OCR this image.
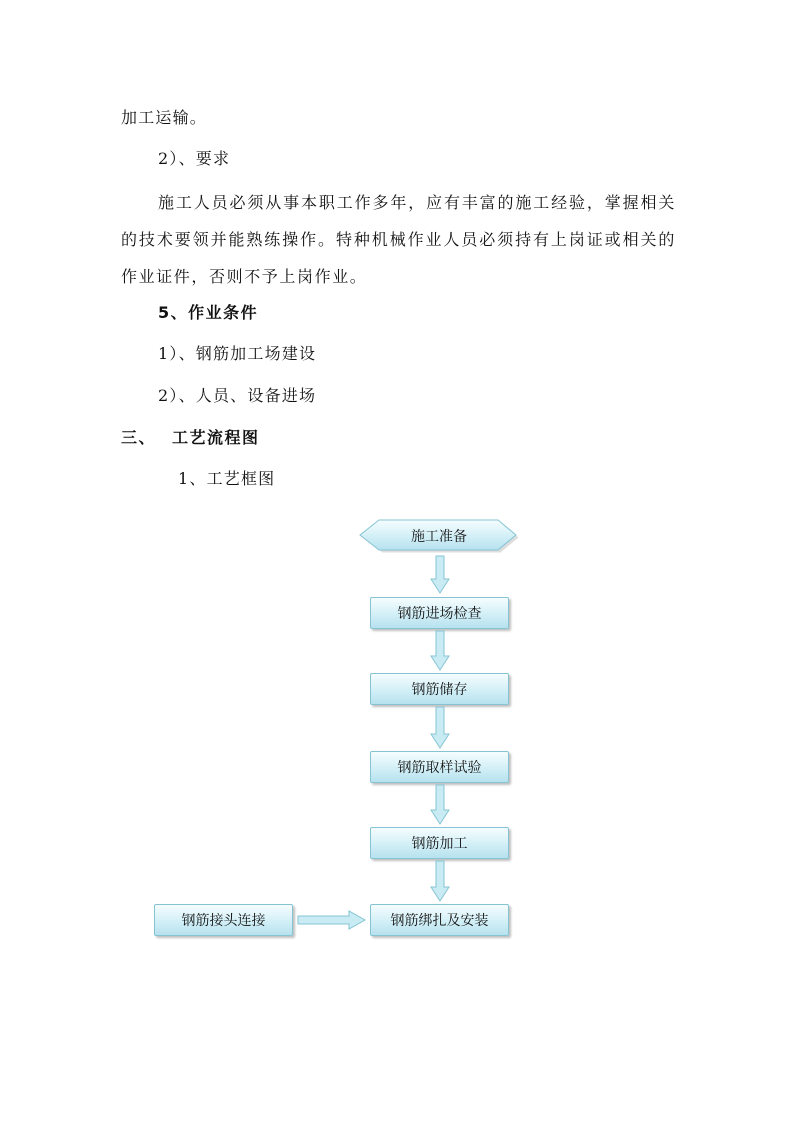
加工运输。
2）、要求
施工人员必须从事本职工作多年，应有丰富的施工经验，掌握相关的技术要领并能熟练操作。特种机械作业人员必须持有上岗证或相关的作业证件，否则不予上岗作业。
5、作业条件
1）、钢筋加工场建设
2）、人员、设备进场
三、 工艺流程图
1、工艺框图
施工准备
钢筋进场检查
钢筋储存
钢筋取样试验
钢筋加工
钢筋绑扎及安装
钢筋接头连接
